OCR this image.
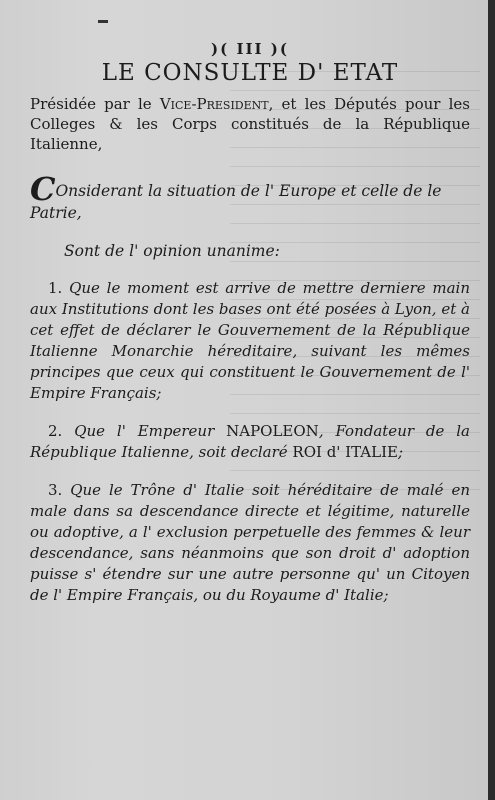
)( III )(
LE CONSULTE D' ETAT

Présidée par le Vice-President, et les Députés pour les Colleges & les Corps constitués de la République Italienne,

COnsiderant la situation de l' Europe et celle de le Patrie,

Sont de l' opinion unanime:

1. Que le moment est arrive de mettre derniere main aux Institutions dont les bases ont été posées à Lyon, et à cet effet de déclarer le Gouvernement de la République Italienne Monarchie héreditaire, suivant les mêmes principes que ceux qui constituent le Gouvernement de l' Empire Français;

2. Que l' Empereur NAPOLEON, Fondateur de la République Italienne, soit declaré ROI d' ITALIE;

3. Que le Trône d' Italie soit héréditaire de malé en male dans sa descendance directe et légitime, naturelle ou adoptive, a l' exclusion perpetuelle des femmes & leur descendance, sans néanmoins que son droit d' adoption puisse s' étendre sur une autre personne qu' un Citoyen de l' Empire Français, ou du Royaume d' Italie;
